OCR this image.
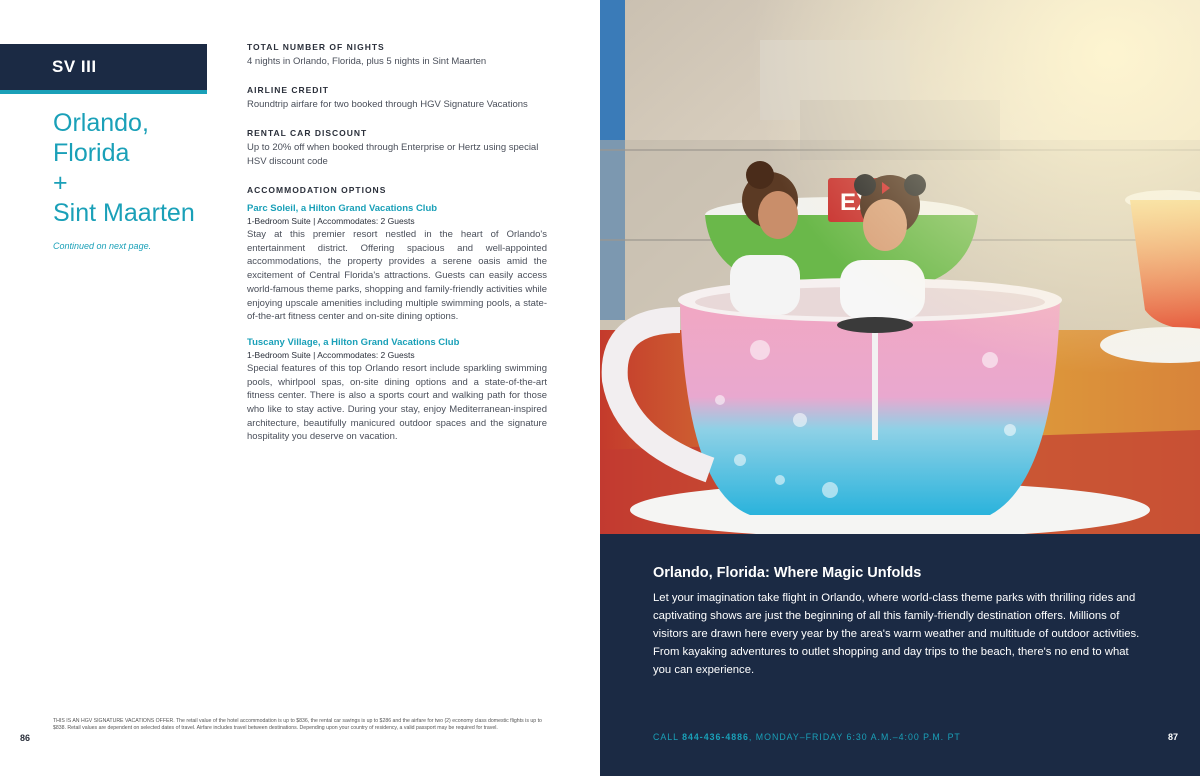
SV III
Orlando,
Florida
+
Sint Maarten
Continued on next page.
TOTAL NUMBER OF NIGHTS
4 nights in Orlando, Florida, plus 5 nights in Sint Maarten
AIRLINE CREDIT
Roundtrip airfare for two booked through HGV Signature Vacations
RENTAL CAR DISCOUNT
Up to 20% off when booked through Enterprise or Hertz using special HSV discount code
ACCOMMODATION OPTIONS
Parc Soleil, a Hilton Grand Vacations Club
1-Bedroom Suite | Accommodates: 2 Guests
Stay at this premier resort nestled in the heart of Orlando's entertainment district. Offering spacious and well-appointed accommodations, the property provides a serene oasis amid the excitement of Central Florida's attractions. Guests can easily access world-famous theme parks, shopping and family-friendly activities while enjoying upscale amenities including multiple swimming pools, a state-of-the-art fitness center and on-site dining options.
Tuscany Village, a Hilton Grand Vacations Club
1-Bedroom Suite | Accommodates: 2 Guests
Special features of this top Orlando resort include sparkling swimming pools, whirlpool spas, on-site dining options and a state-of-the-art fitness center. There is also a sports court and walking path for those who like to stay active. During your stay, enjoy Mediterranean-inspired architecture, beautifully manicured outdoor spaces and the signature hospitality you deserve on vacation.
86
THIS IS AN HGV SIGNATURE VACATIONS OFFER. The retail value of the hotel accommodation is up to $836, the rental car savings is up to $286 and the airfare for two (2) economy class domestic flights is up to $838. Retail values are dependent on selected dates of travel. Airfare includes travel between destinations. Depending upon your country of residency, a valid passport may be required for travel.
Orlando, Florida: Where Magic Unfolds
Let your imagination take flight in Orlando, where world-class theme parks with thrilling rides and captivating shows are just the beginning of all this family-friendly destination offers. Millions of visitors are drawn here every year by the area's warm weather and multitude of outdoor activities. From kayaking adventures to outlet shopping and day trips to the beach, there's no end to what you can experience.
CALL 844-436-4886, MONDAY–FRIDAY 6:30 A.M.–4:00 P.M. PT	87
